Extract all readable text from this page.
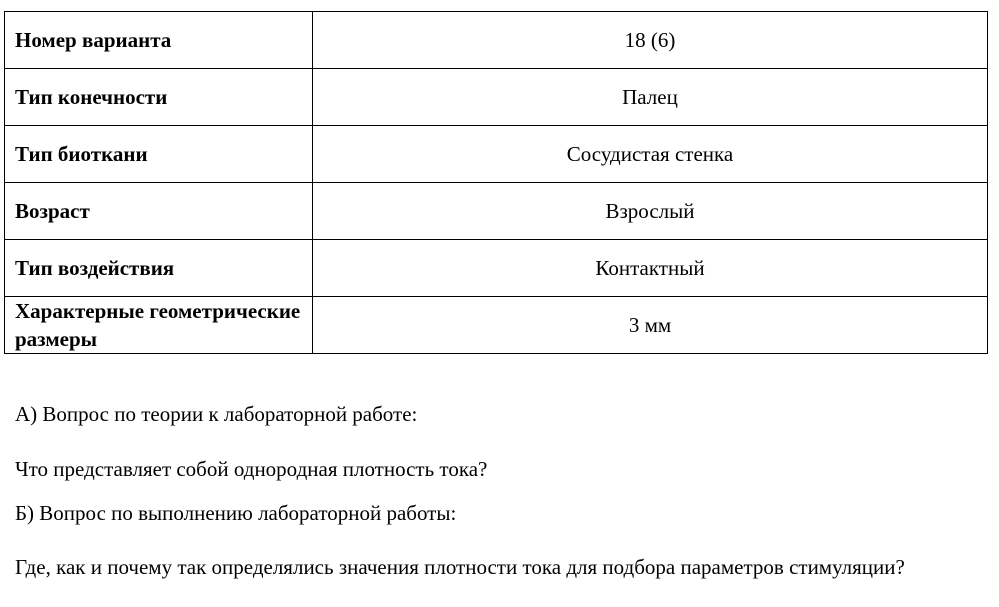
Номер варианта	18 (6)
Тип конечности	Палец
Тип биоткани	Сосудистая стенка
Возраст	Взрослый
Тип воздействия	Контактный
Характерные геометрические размеры	3 мм

А) Вопрос по теории к лабораторной работе:

Что представляет собой однородная плотность тока?

Б) Вопрос по выполнению лабораторной работы:

Где, как и почему так определялись значения плотности тока для подбора параметров стимуляции?
